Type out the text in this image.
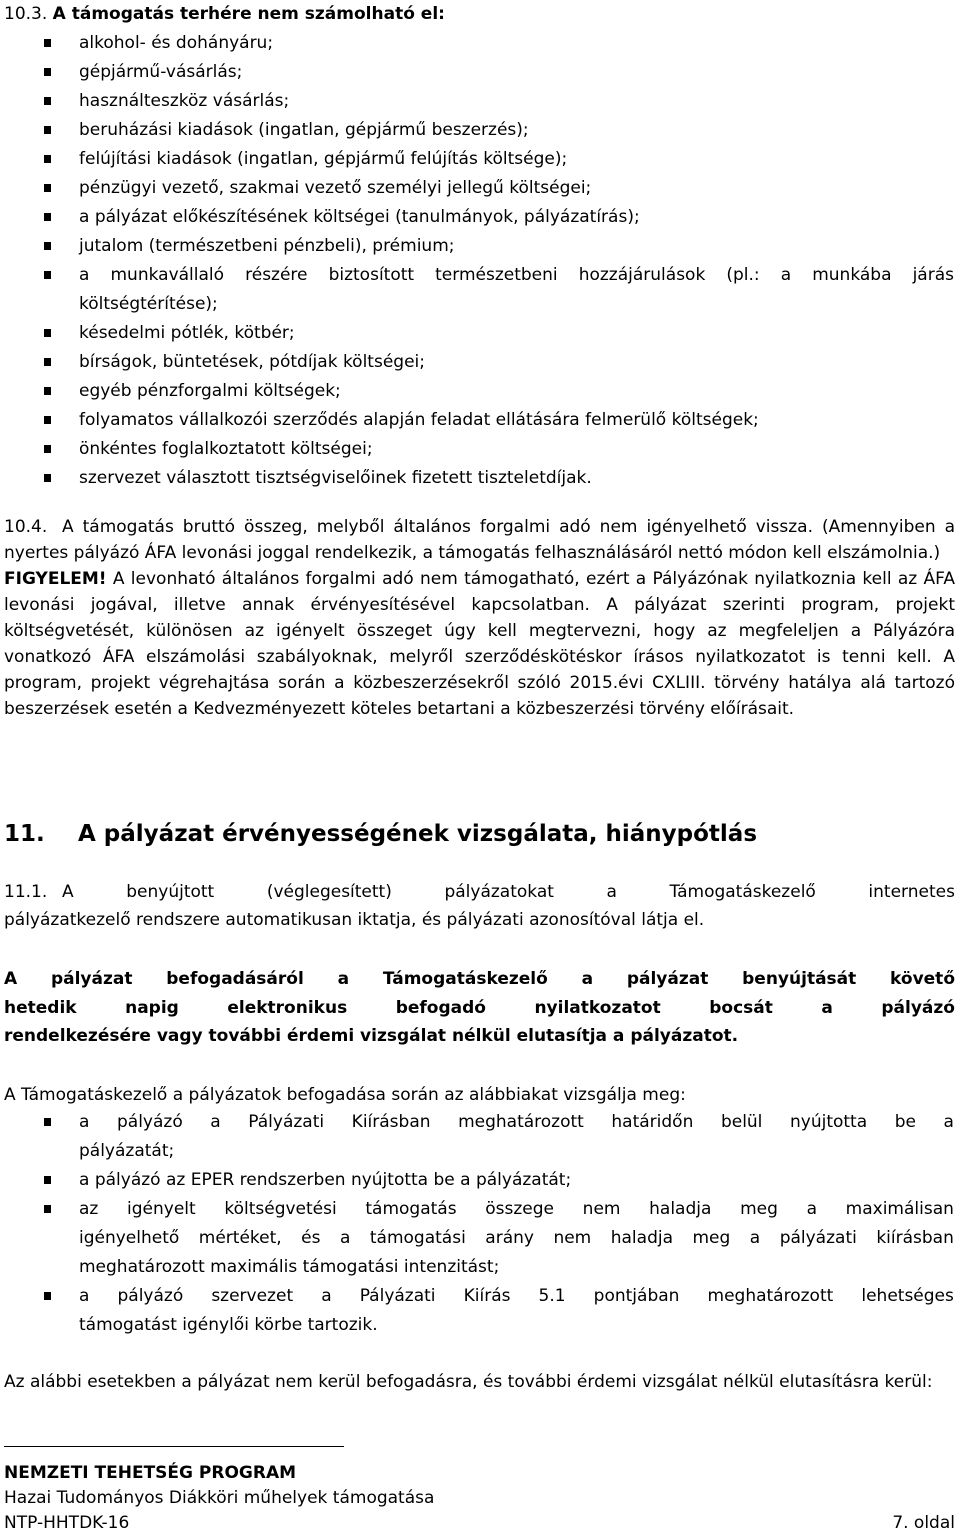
10.3. A támogatás terhére nem számolható el:
alkohol- és dohányáru;
gépjármű-vásárlás;
használteszköz vásárlás;
beruházási kiadások (ingatlan, gépjármű beszerzés);
felújítási kiadások (ingatlan, gépjármű felújítás költsége);
pénzügyi vezető, szakmai vezető személyi jellegű költségei;
a pályázat előkészítésének költségei (tanulmányok, pályázatírás);
jutalom (természetbeni pénzbeli), prémium;
a munkavállaló részére biztosított természetbeni hozzájárulások (pl.: a munkába járás költségtérítése);
késedelmi pótlék, kötbér;
bírságok, büntetések, pótdíjak költségei;
egyéb pénzforgalmi költségek;
folyamatos vállalkozói szerződés alapján feladat ellátására felmerülő költségek;
önkéntes foglalkoztatott költségei;
szervezet választott tisztségviselőinek fizetett tiszteletdíjak.
10.4. A támogatás bruttó összeg, melyből általános forgalmi adó nem igényelhető vissza. (Amennyiben a nyertes pályázó ÁFA levonási joggal rendelkezik, a támogatás felhasználásáról nettó módon kell elszámolnia.)
FIGYELEM! A levonható általános forgalmi adó nem támogatható, ezért a Pályázónak nyilatkoznia kell az ÁFA levonási jogával, illetve annak érvényesítésével kapcsolatban. A pályázat szerinti program, projekt költségvetését, különösen az igényelt összeget úgy kell megtervezni, hogy az megfeleljen a Pályázóra vonatkozó ÁFA elszámolási szabályoknak, melyről szerződéskötéskor írásos nyilatkozatot is tenni kell. A program, projekt végrehajtása során a közbeszerzésekről szóló 2015.évi CXLIII. törvény hatálya alá tartozó beszerzések esetén a Kedvezményezett köteles betartani a közbeszerzési törvény előírásait.
11. A pályázat érvényességének vizsgálata, hiánypótlás
11.1. A	benyújtott	(véglegesített)	pályázatokat	a	Támogatáskezelő	internetes
pályázatkezelő rendszere automatikusan iktatja, és pályázati azonosítóval látja el.
A pályázat befogadásáról a Támogatáskezelő a pályázat benyújtását követő
hetedik	napig	elektronikus	befogadó	nyilatkozatot	bocsát	a	pályázó
rendelkezésére vagy további érdemi vizsgálat nélkül elutasítja a pályázatot.
A Támogatáskezelő a pályázatok befogadása során az alábbiakat vizsgálja meg:
a pályázó a Pályázati Kiírásban meghatározott határidőn belül nyújtotta be a
pályázatát;
a pályázó az EPER rendszerben nyújtotta be a pályázatát;
az igényelt költségvetési támogatás összege nem haladja meg a maximálisan
igényelhető mértéket, és a támogatási arány nem haladja meg a pályázati kiírásban
meghatározott maximális támogatási intenzitást;
a pályázó szervezet a Pályázati Kiírás 5.1 pontjában meghatározott lehetséges
támogatást igénylői körbe tartozik.
Az alábbi esetekben a pályázat nem kerül befogadásra, és további érdemi vizsgálat nélkül elutasításra kerül:
NEMZETI TEHETSÉG PROGRAM
Hazai Tudományos Diákköri műhelyek támogatása
NTP-HHTDK-16	7. oldal
